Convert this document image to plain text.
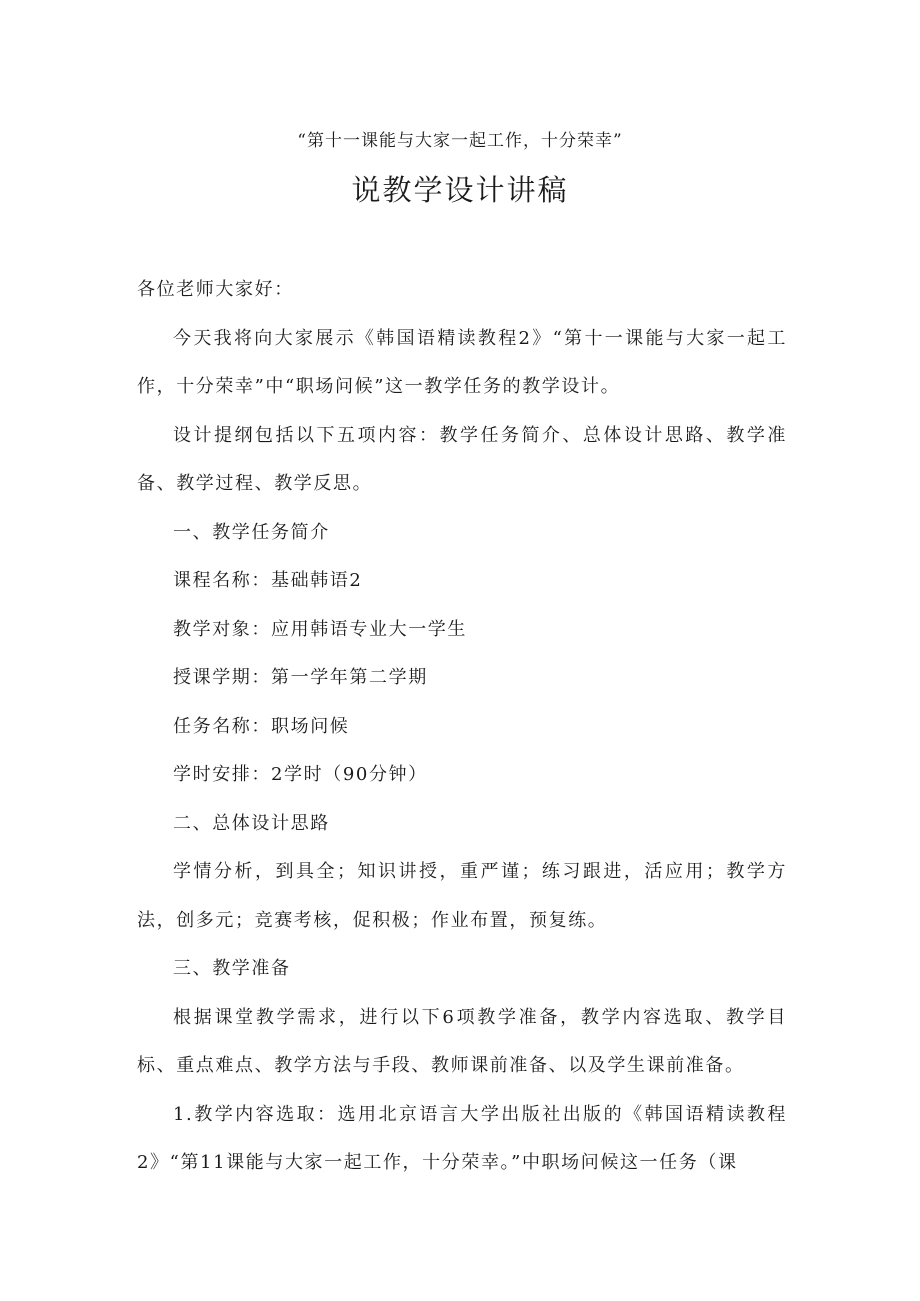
“第十一课能与大家一起工作，十分荣幸”
说教学设计讲稿

各位老师大家好：

今天我将向大家展示《韩国语精读教程2》“第十一课能与大家一起工作，十分荣幸”中“职场问候”这一教学任务的教学设计。

设计提纲包括以下五项内容：教学任务简介、总体设计思路、教学准备、教学过程、教学反思。

一、教学任务简介

课程名称：基础韩语2

教学对象：应用韩语专业大一学生

授课学期：第一学年第二学期

任务名称：职场问候

学时安排：2学时（90分钟）

二、总体设计思路

学情分析，到具全；知识讲授，重严谨；练习跟进，活应用；教学方法，创多元；竞赛考核，促积极；作业布置，预复练。

三、教学准备

根据课堂教学需求，进行以下6项教学准备，教学内容选取、教学目标、重点难点、教学方法与手段、教师课前准备、以及学生课前准备。

1.教学内容选取：选用北京语言大学出版社出版的《韩国语精读教程2》“第11课能与大家一起工作，十分荣幸。”中职场问候这一任务（课
